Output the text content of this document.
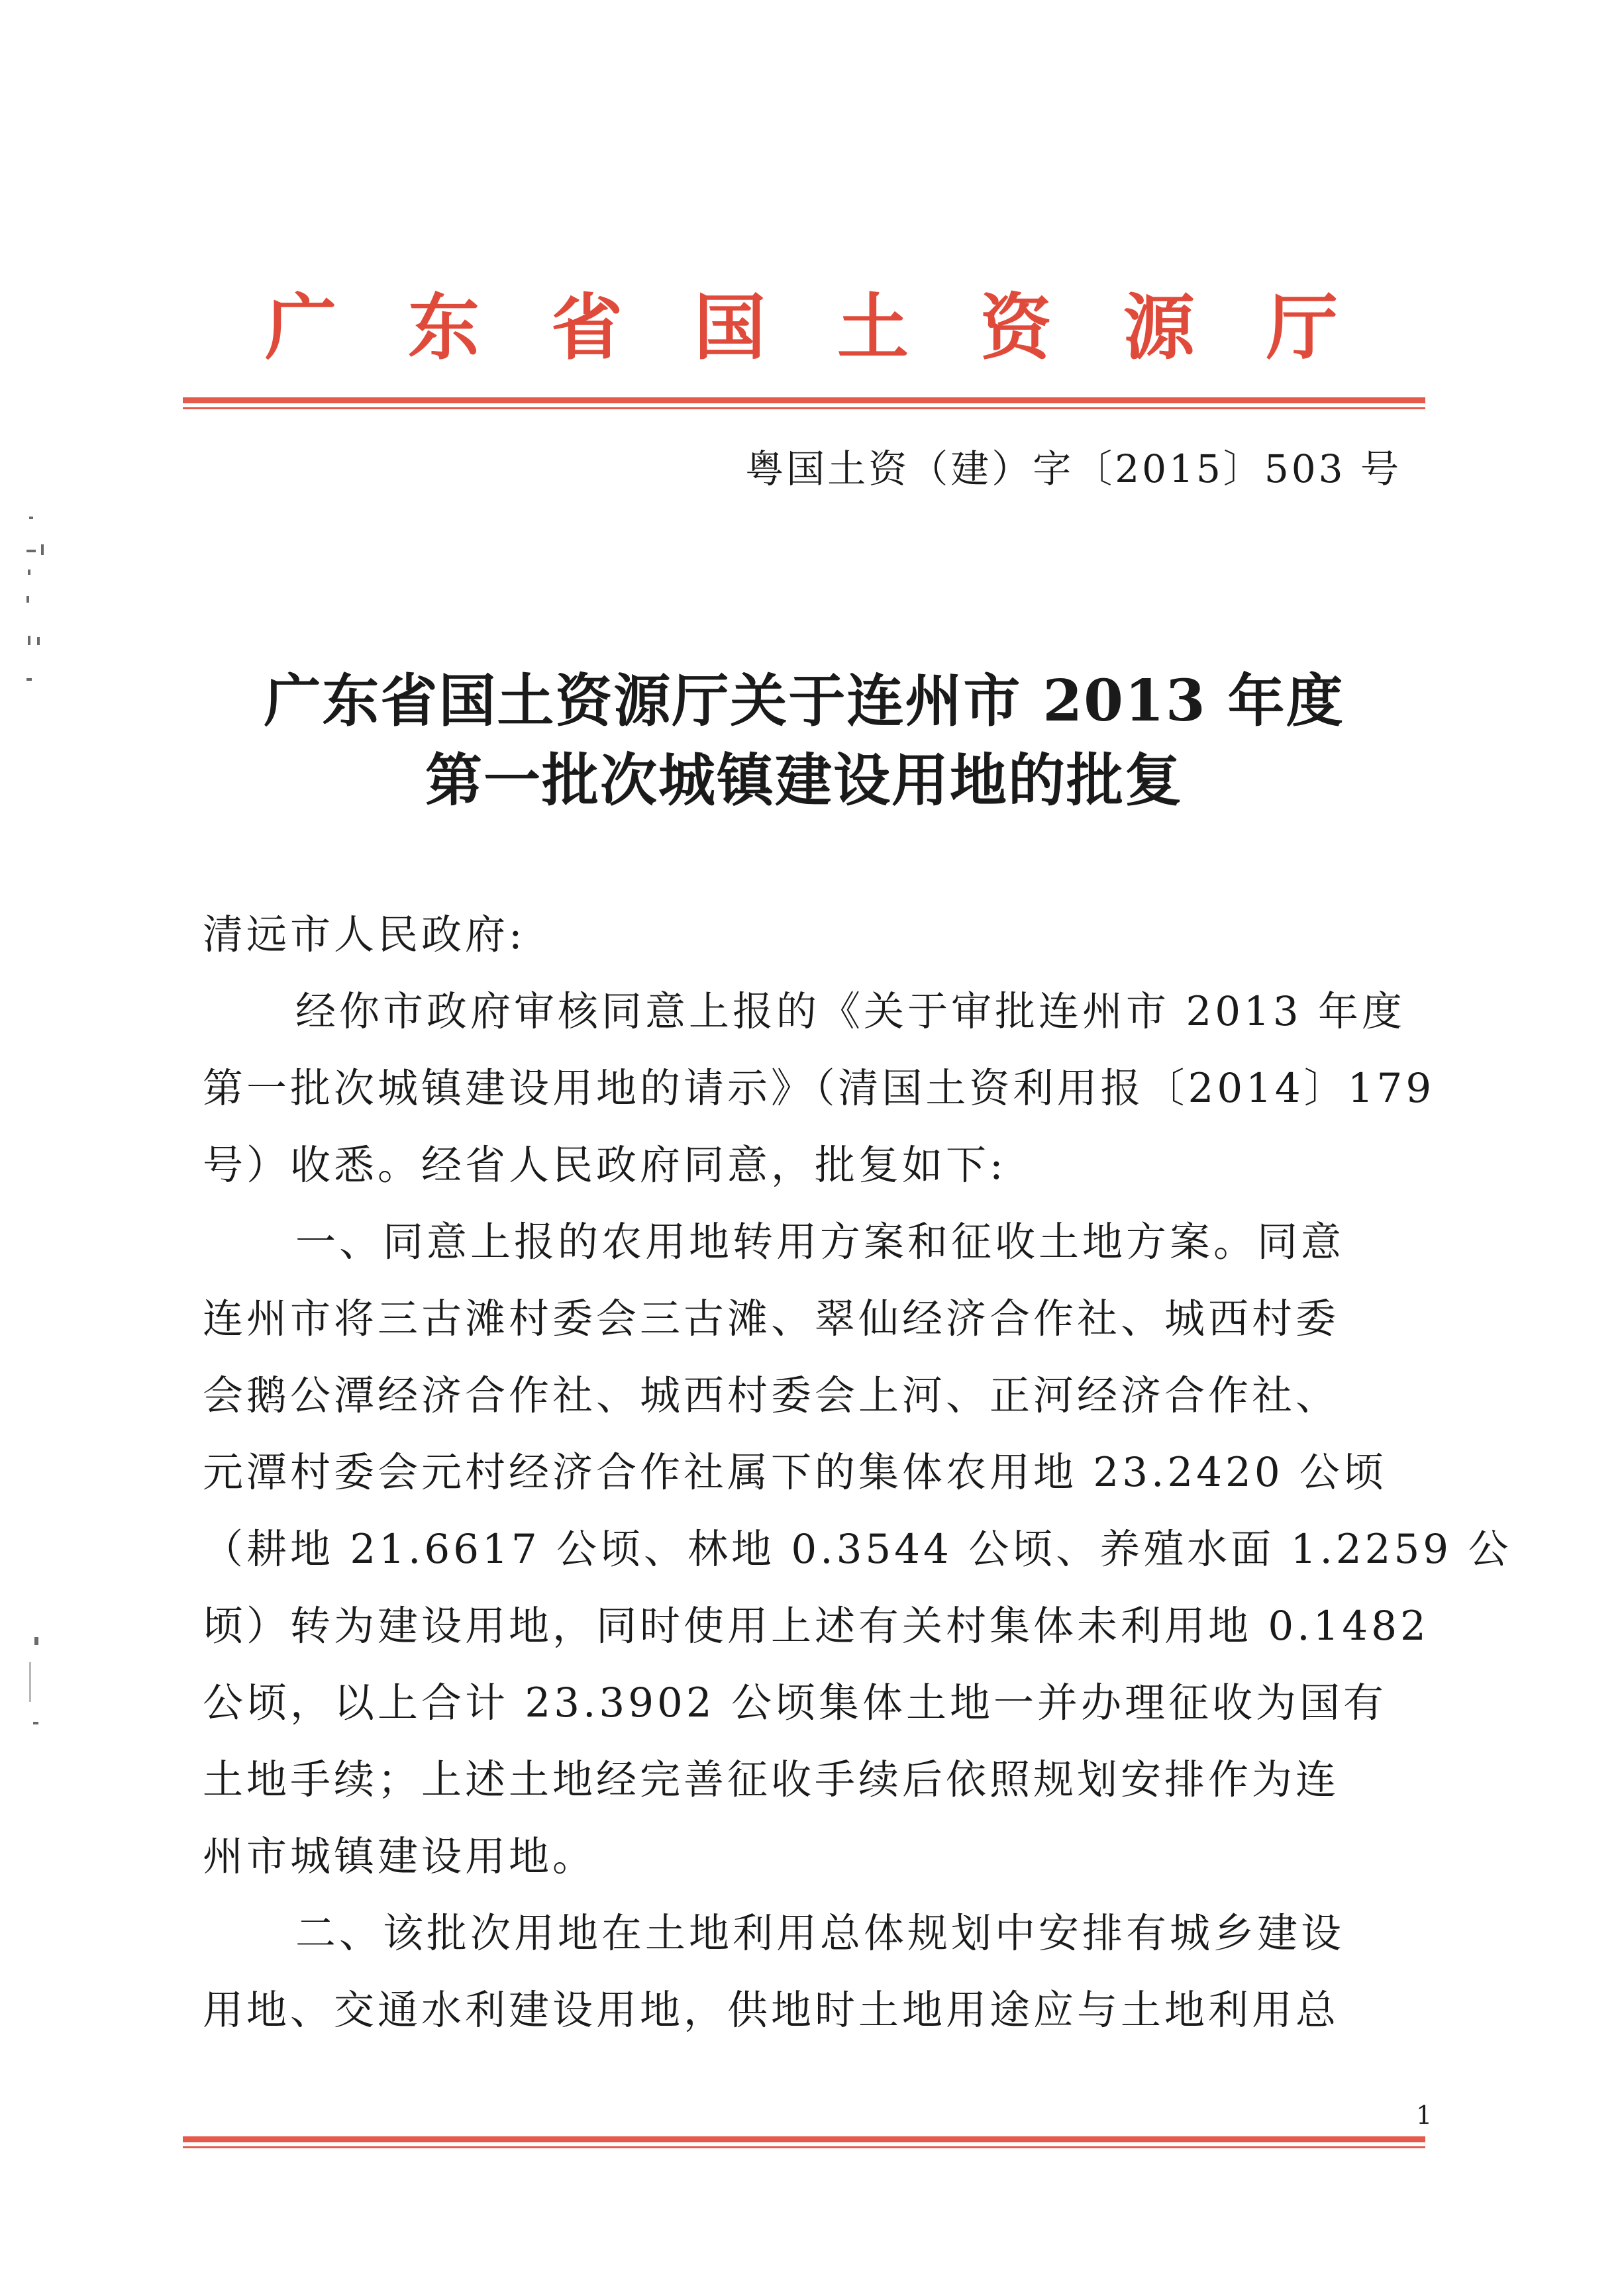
广 东 省 国 土 资 源 厅
粤国土资（建）字〔2015〕503 号
广东省国土资源厅关于连州市 2013 年度
第一批次城镇建设用地的批复
清远市人民政府:
经你市政府审核同意上报的《关于审批连州市 2013 年度
第一批次城镇建设用地的请示》（清国土资利用报〔2014〕179
号）收悉。经省人民政府同意，批复如下:
一、同意上报的农用地转用方案和征收土地方案。同意
连州市将三古滩村委会三古滩、翠仙经济合作社、城西村委
会鹅公潭经济合作社、城西村委会上河、正河经济合作社、
元潭村委会元村经济合作社属下的集体农用地 23.2420 公顷
（耕地 21.6617 公顷、林地 0.3544 公顷、养殖水面 1.2259 公
顷）转为建设用地，同时使用上述有关村集体未利用地 0.1482
公顷，以上合计 23.3902 公顷集体土地一并办理征收为国有
土地手续；上述土地经完善征收手续后依照规划安排作为连
州市城镇建设用地。
二、该批次用地在土地利用总体规划中安排有城乡建设
用地、交通水利建设用地，供地时土地用途应与土地利用总
1
